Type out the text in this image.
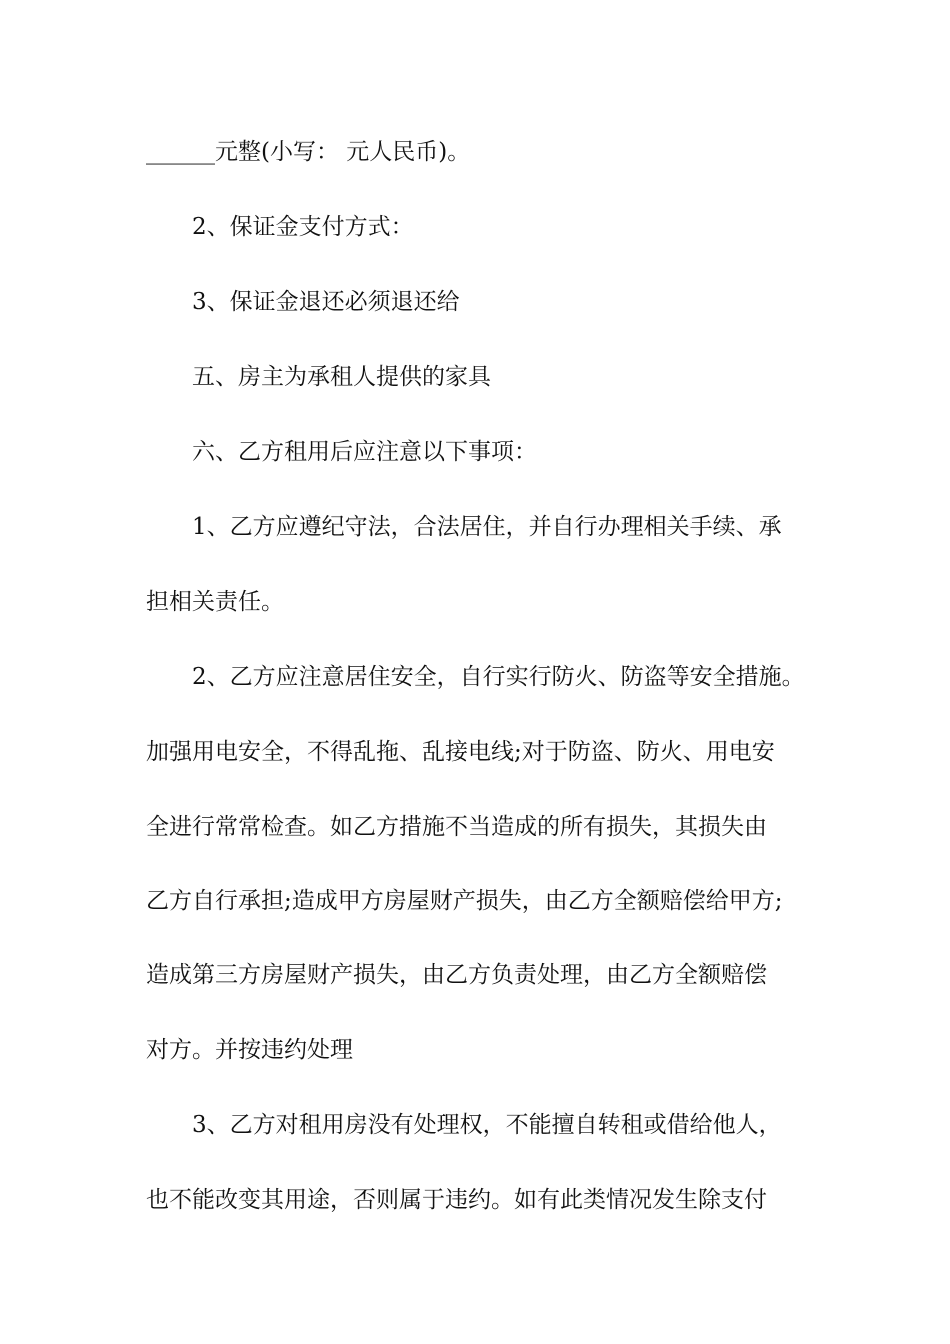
______元整(小写： 元人民币)。
2、保证金支付方式：
3、保证金退还必须退还给
五、房主为承租人提供的家具
六、乙方租用后应注意以下事项：
1、乙方应遵纪守法，合法居住，并自行办理相关手续、承
担相关责任。
2、乙方应注意居住安全，自行实行防火、防盗等安全措施。
加强用电安全，不得乱拖、乱接电线;对于防盗、防火、用电安
全进行常常检查。如乙方措施不当造成的所有损失，其损失由
乙方自行承担;造成甲方房屋财产损失，由乙方全额赔偿给甲方;
造成第三方房屋财产损失，由乙方负责处理，由乙方全额赔偿
对方。并按违约处理
3、乙方对租用房没有处理权，不能擅自转租或借给他人，
也不能改变其用途，否则属于违约。如有此类情况发生除支付
